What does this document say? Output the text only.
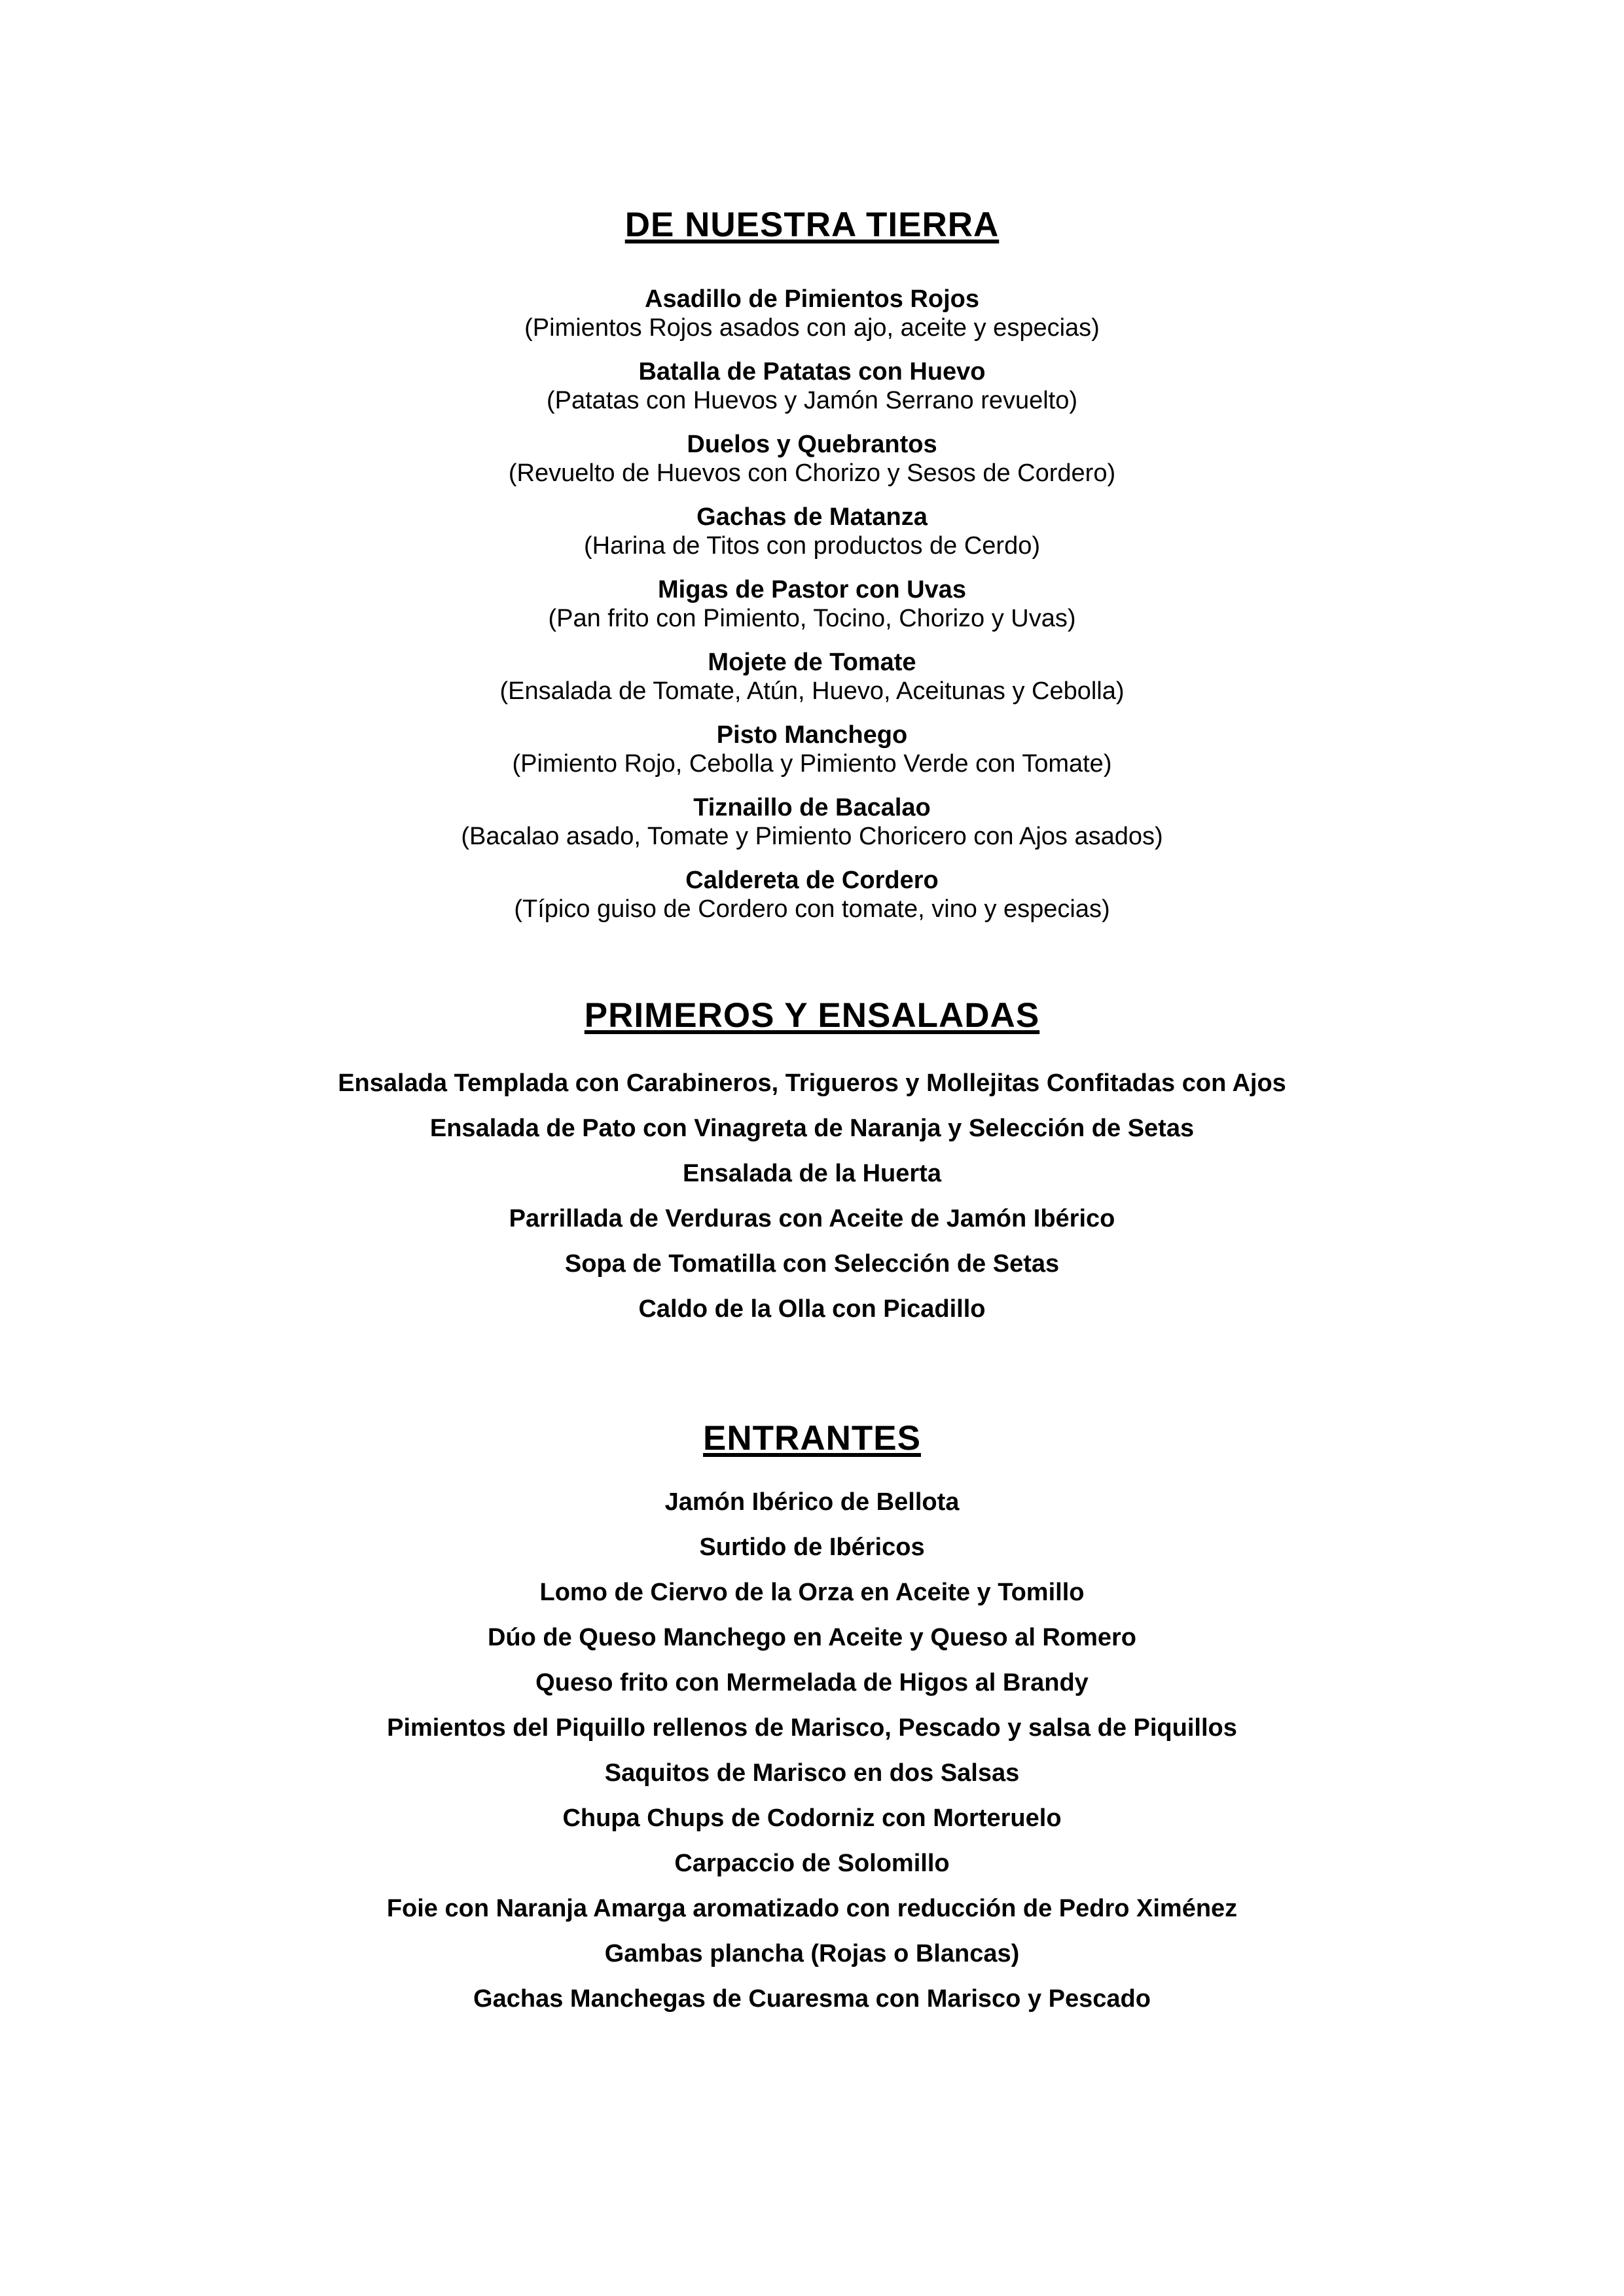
DE NUESTRA TIERRA
Asadillo de Pimientos Rojos
(Pimientos Rojos asados con ajo, aceite y especias)
Batalla de Patatas con Huevo
(Patatas con Huevos y Jamón Serrano revuelto)
Duelos y Quebrantos
(Revuelto de Huevos con Chorizo y Sesos de Cordero)
Gachas de Matanza
(Harina de Titos con productos de Cerdo)
Migas de Pastor con Uvas
(Pan frito con Pimiento, Tocino, Chorizo y Uvas)
Mojete de Tomate
(Ensalada de Tomate, Atún, Huevo, Aceitunas y Cebolla)
Pisto Manchego
(Pimiento Rojo, Cebolla y Pimiento Verde con Tomate)
Tiznaillo de Bacalao
(Bacalao asado, Tomate y Pimiento Choricero con Ajos asados)
Caldereta de Cordero
(Típico guiso de Cordero con tomate, vino y especias)
PRIMEROS Y ENSALADAS
Ensalada Templada con Carabineros, Trigueros y Mollejitas Confitadas con Ajos
Ensalada de Pato con Vinagreta de Naranja y Selección de Setas
Ensalada de la Huerta
Parrillada de Verduras con Aceite de Jamón Ibérico
Sopa de Tomatilla con Selección de Setas
Caldo de la Olla con Picadillo
ENTRANTES
Jamón Ibérico de Bellota
Surtido de Ibéricos
Lomo de Ciervo de la Orza en Aceite y Tomillo
Dúo de Queso Manchego en Aceite y Queso al Romero
Queso frito con Mermelada de Higos al Brandy
Pimientos del Piquillo rellenos de Marisco, Pescado y salsa de Piquillos
Saquitos de Marisco en dos Salsas
Chupa Chups de Codorniz con Morteruelo
Carpaccio de Solomillo
Foie con Naranja Amarga aromatizado con reducción de Pedro Ximénez
Gambas plancha (Rojas o Blancas)
Gachas Manchegas de Cuaresma con Marisco y Pescado
